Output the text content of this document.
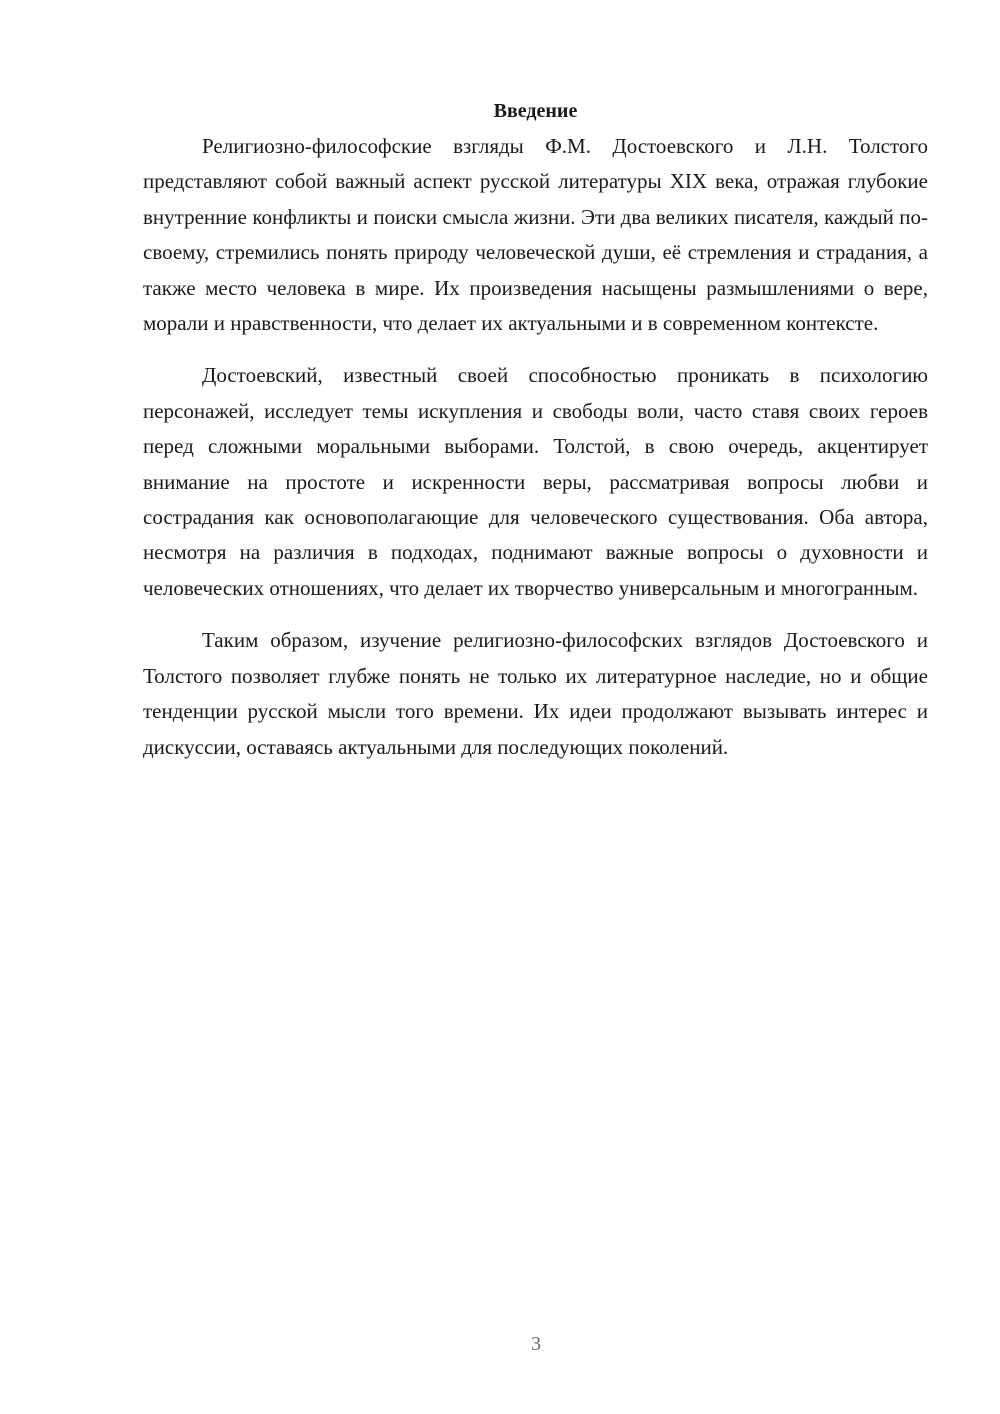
Введение

Религиозно-философские взгляды Ф.М. Достоевского и Л.Н. Толстого представляют собой важный аспект русской литературы XIX века, отражая глубокие внутренние конфликты и поиски смысла жизни. Эти два великих писателя, каждый по-своему, стремились понять природу человеческой души, её стремления и страдания, а также место человека в мире. Их произведения насыщены размышлениями о вере, морали и нравственности, что делает их актуальными и в современном контексте.

Достоевский, известный своей способностью проникать в психологию персонажей, исследует темы искупления и свободы воли, часто ставя своих героев перед сложными моральными выборами. Толстой, в свою очередь, акцентирует внимание на простоте и искренности веры, рассматривая вопросы любви и сострадания как основополагающие для человеческого существования. Оба автора, несмотря на различия в подходах, поднимают важные вопросы о духовности и человеческих отношениях, что делает их творчество универсальным и многогранным.

Таким образом, изучение религиозно-философских взглядов Достоевского и Толстого позволяет глубже понять не только их литературное наследие, но и общие тенденции русской мысли того времени. Их идеи продолжают вызывать интерес и дискуссии, оставаясь актуальными для последующих поколений.

3
